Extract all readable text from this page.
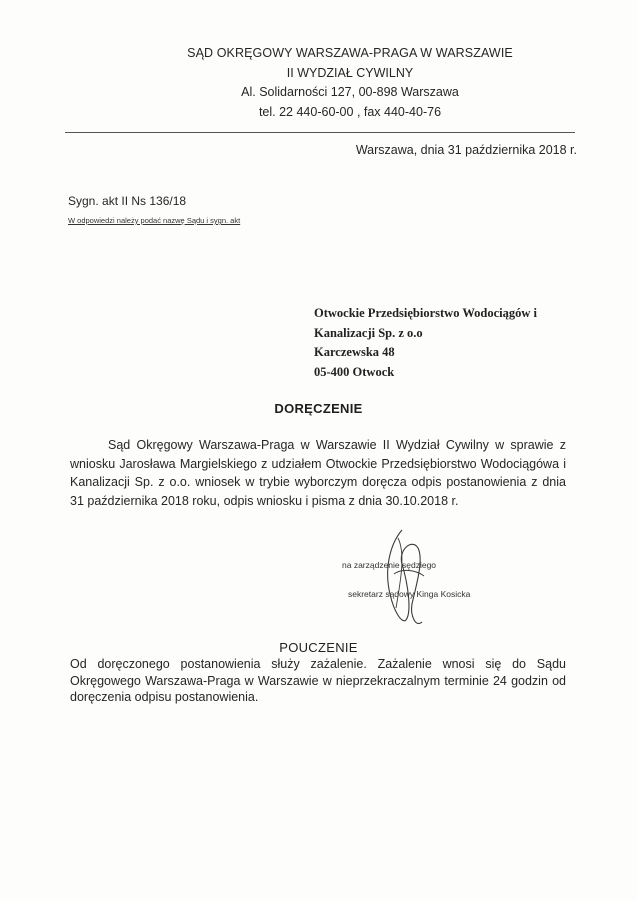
SĄD OKRĘGOWY WARSZAWA-PRAGA W WARSZAWIE
II WYDZIAŁ CYWILNY
Al. Solidarności 127, 00-898 Warszawa
tel. 22 440-60-00 , fax 440-40-76
Warszawa, dnia 31 października 2018 r.
Sygn. akt II Ns 136/18
W odpowiedzi należy podać nazwę Sądu i sygn. akt
Otwockie Przedsiębiorstwo Wodociągów i
Kanalizacji Sp. z o.o
Karczewska 48
05-400 Otwock
DORĘCZENIE
Sąd Okręgowy Warszawa-Praga w Warszawie II Wydział Cywilny w sprawie z wniosku Jarosława Margielskiego z udziałem Otwockie Przedsiębiorstwo Wodociągówa i Kanalizacji Sp. z o.o. wniosek w trybie wyborczym doręcza odpis postanowienia z dnia 31 października 2018 roku, odpis wniosku i pisma z dnia 30.10.2018 r.
na zarządzenie sędziego
sekretarz sądowy Kinga Kosicka
POUCZENIE
Od doręczonego postanowienia służy zażalenie. Zażalenie wnosi się do Sądu Okręgowego Warszawa-Praga w Warszawie w nieprzekraczalnym terminie 24 godzin od doręczenia odpisu postanowienia.
